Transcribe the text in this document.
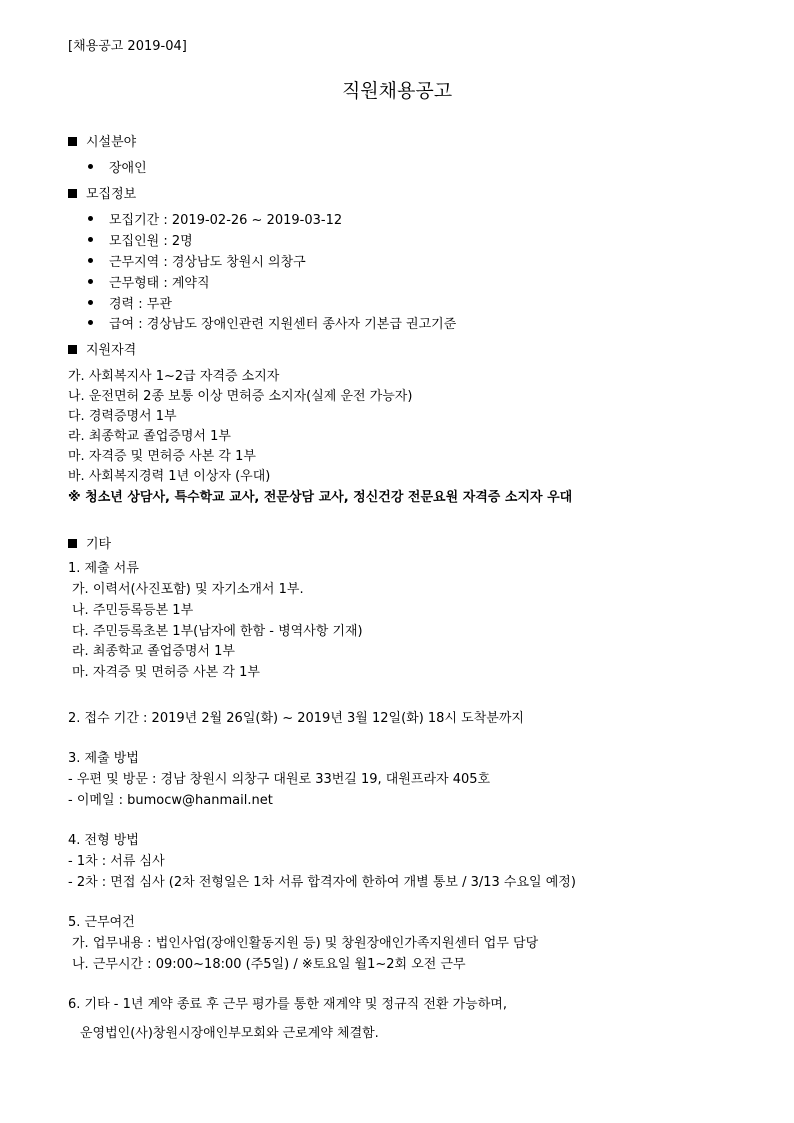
[채용공고 2019-04]
직원채용공고
시설분야
장애인
모집정보
모집기간 : 2019-02-26 ~ 2019-03-12
모집인원 : 2명
근무지역 : 경상남도 창원시 의창구
근무형태 : 계약직
경력 : 무관
급여 : 경상남도 장애인관련 지원센터 종사자 기본급 권고기준
지원자격
가. 사회복지사 1~2급 자격증 소지자
나. 운전면허 2종 보통 이상 면허증 소지자(실제 운전 가능자)
다. 경력증명서 1부
라. 최종학교 졸업증명서 1부
마. 자격증 및 면허증 사본 각 1부
바. 사회복지경력 1년 이상자 (우대)
※ 청소년 상담사, 특수학교 교사, 전문상담 교사, 정신건강 전문요원 자격증 소지자 우대
기타
1. 제출 서류
가. 이력서(사진포함) 및 자기소개서 1부.
나. 주민등록등본 1부
다. 주민등록초본 1부(남자에 한함 - 병역사항 기재)
라. 최종학교 졸업증명서 1부
마. 자격증 및 면허증 사본 각 1부
2. 접수 기간 : 2019년 2월 26일(화) ~ 2019년 3월 12일(화) 18시 도착분까지
3. 제출 방법
- 우편 및 방문 : 경남 창원시 의창구 대원로 33번길 19, 대원프라자 405호
- 이메일 : bumocw@hanmail.net
4. 전형 방법
- 1차 : 서류 심사
- 2차 : 면접 심사 (2차 전형일은 1차 서류 합격자에 한하여 개별 통보 / 3/13 수요일 예정)
5. 근무여건
가. 업무내용 : 법인사업(장애인활동지원 등) 및 창원장애인가족지원센터 업무 담당
나. 근무시간 : 09:00~18:00 (주5일) / ※토요일 월1~2회 오전 근무
6. 기타 - 1년 계약 종료 후 근무 평가를 통한 재계약 및 정규직 전환 가능하며,
운영법인(사)창원시장애인부모회와 근로계약 체결함.
